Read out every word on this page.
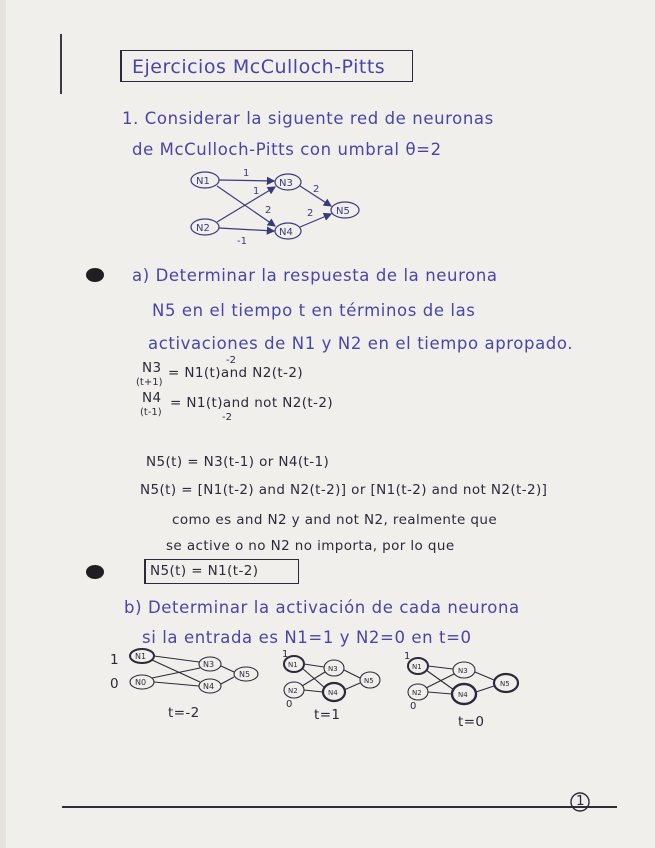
Ejercicios McCulloch-Pitts
1. Considerar la siguente red de neuronas
de McCulloch-Pitts con umbral θ=2
N1
N2
N3
N4
N5
1
1
2
-1
2
2
a) Determinar la respuesta de la neurona
N5 en el tiempo t en términos de las
activaciones de N1 y N2 en el tiempo apropado.
N3
(t+1)
= N1(t)and N2(t-2)
-2
N4
(t-1)
= N1(t)and not N2(t-2)
-2
N5(t) = N3(t-1) or N4(t-1)
N5(t) = [N1(t-2) and N2(t-2)] or [N1(t-2) and not N2(t-2)]
como es and N2 y and not N2, realmente que
se active o no N2 no importa, por lo que
N5(t) = N1(t-2)
b) Determinar la activación de cada neurona
si la entrada es N1=1 y N2=0 en t=0
1
0
N1
N0
N3
N4
N5
t=-2
N1
N2
N3
N4
N5
1
0
t=1
N1
N2
N3
N4
N5
1
0
t=0
1
